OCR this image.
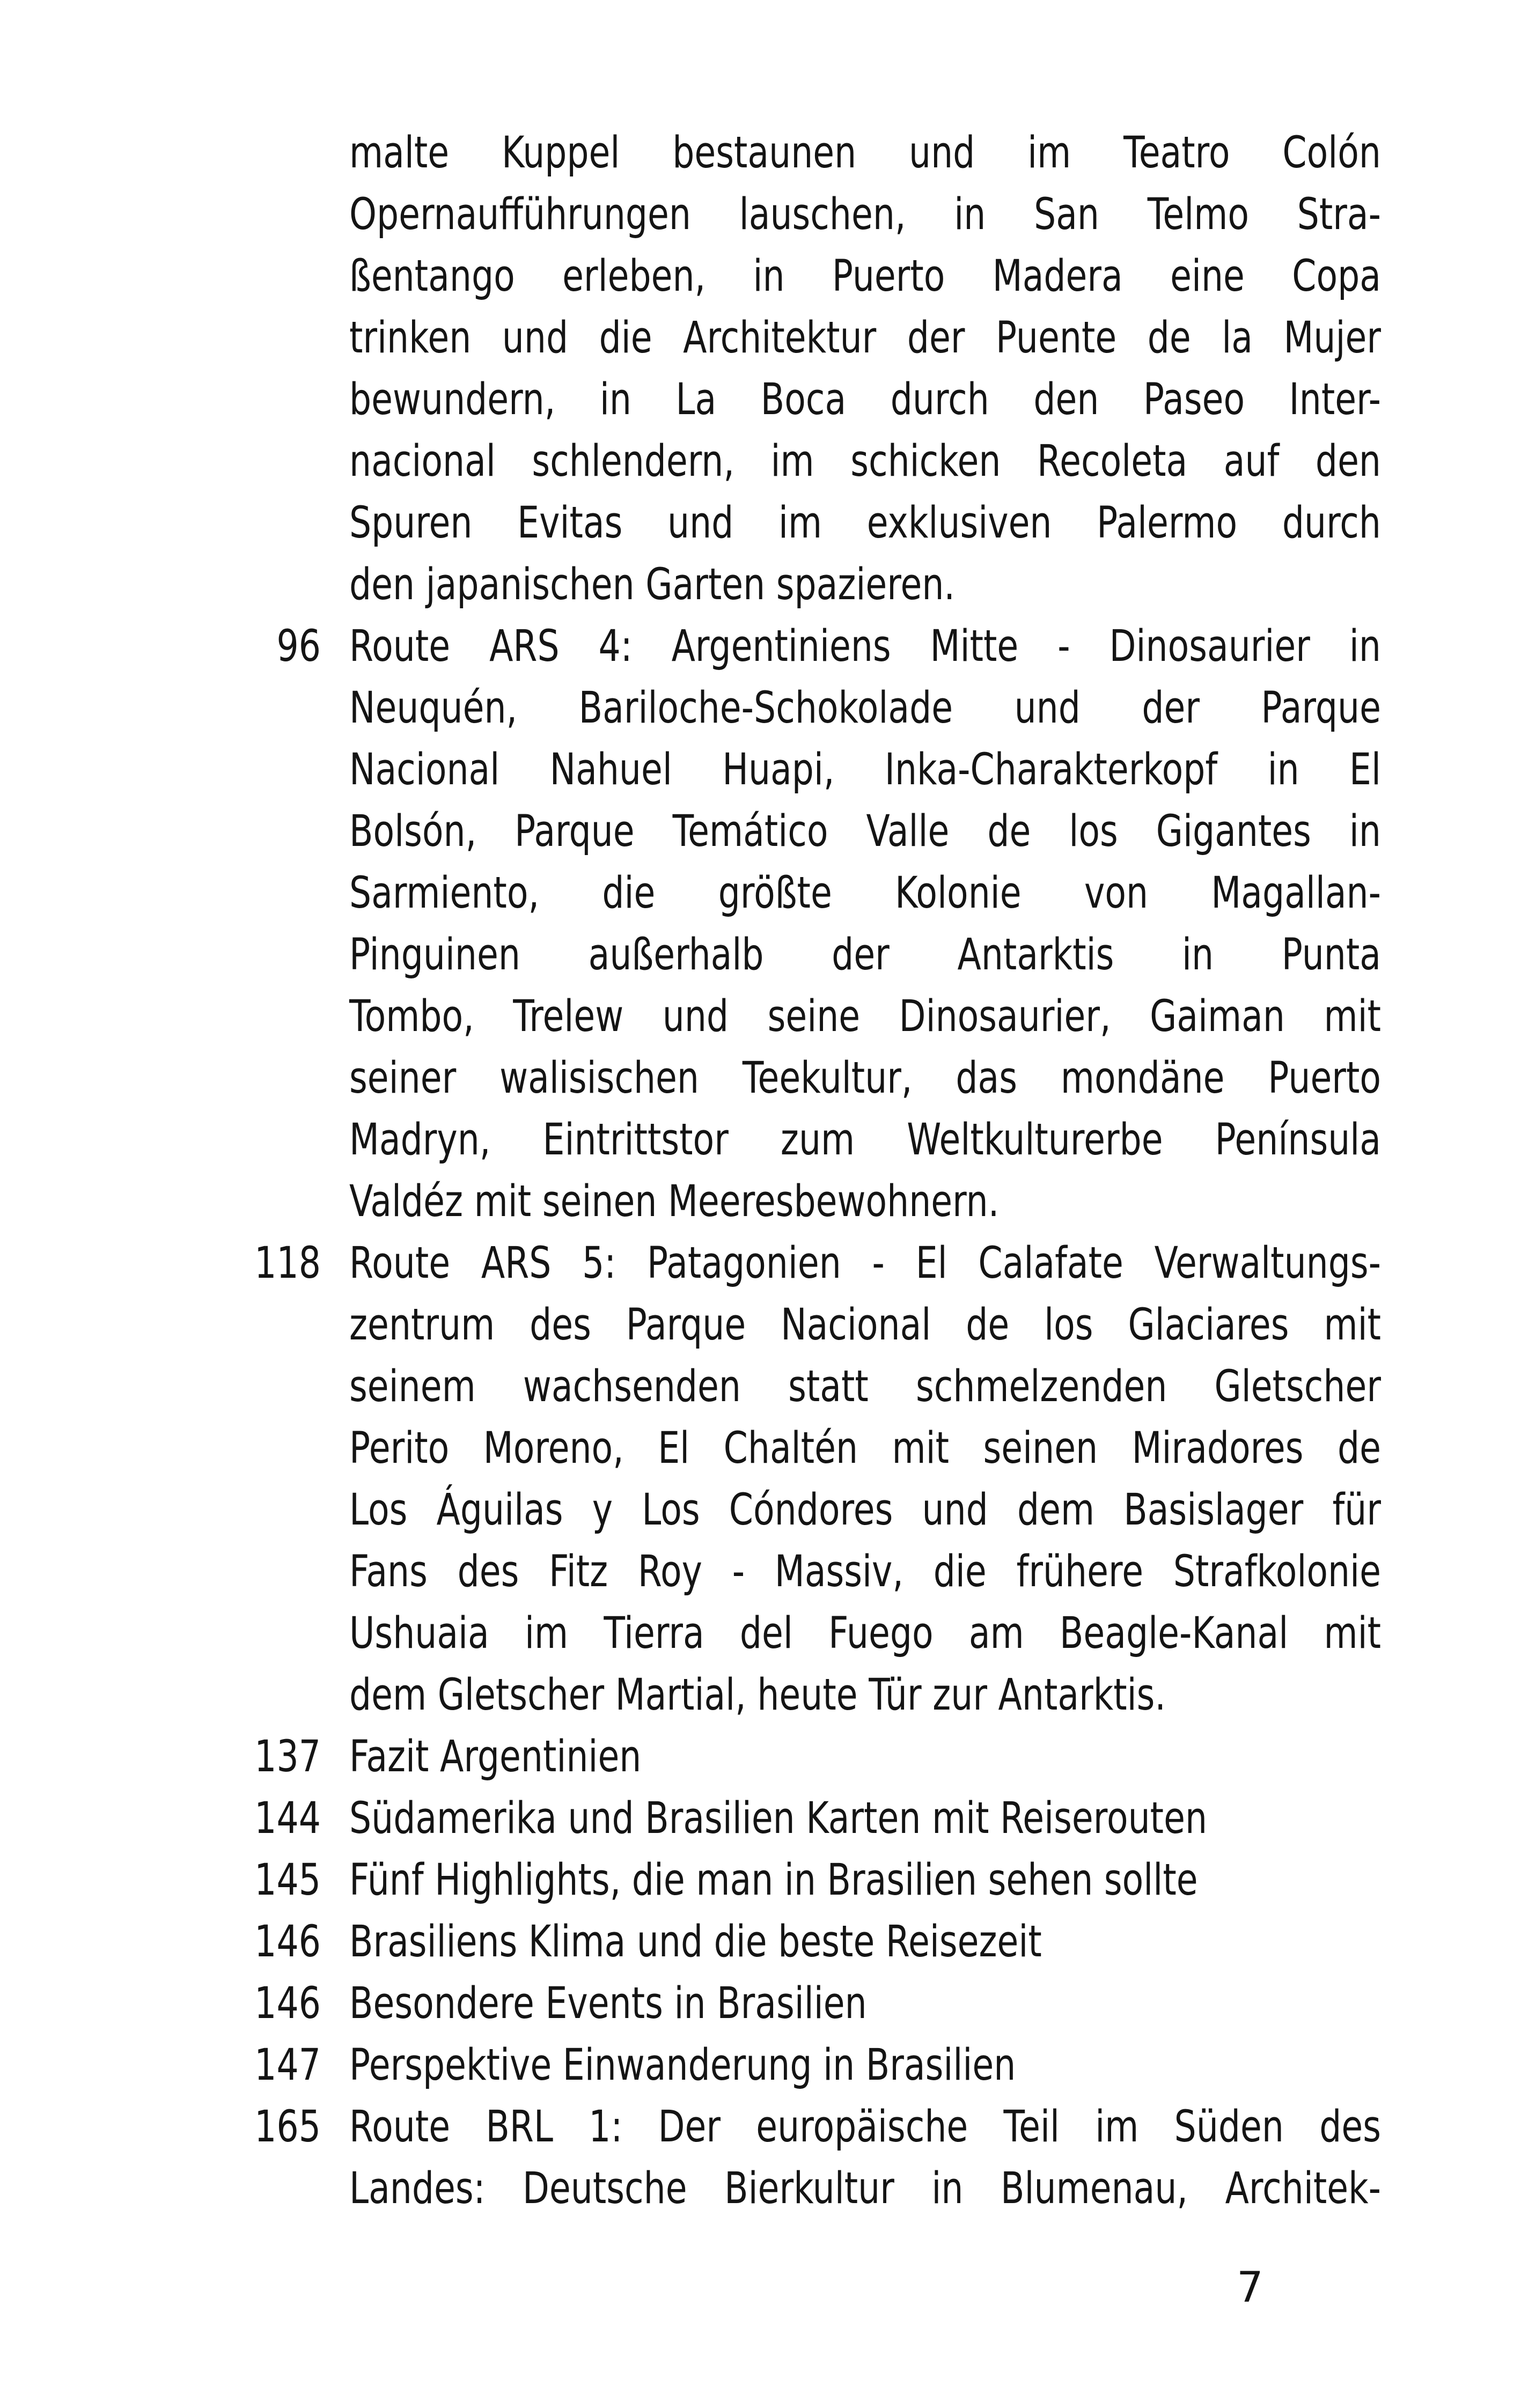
malte Kuppel bestaunen und im Teatro Colón
Opernaufführungen lauschen, in San Telmo Stra-
ßentango erleben, in Puerto Madera eine Copa
trinken und die Architektur der Puente de la Mujer
bewundern, in La Boca durch den Paseo Inter-
nacional schlendern, im schicken Recoleta auf den
Spuren Evitas und im exklusiven Palermo durch
den japanischen Garten spazieren.
96 Route ARS 4: Argentiniens Mitte - Dinosaurier in
Neuquén, Bariloche-Schokolade und der Parque
Nacional Nahuel Huapi, Inka-Charakterkopf in El
Bolsón, Parque Temático Valle de los Gigantes in
Sarmiento, die größte Kolonie von Magallan-
Pinguinen außerhalb der Antarktis in Punta
Tombo, Trelew und seine Dinosaurier, Gaiman mit
seiner walisischen Teekultur, das mondäne Puerto
Madryn, Eintrittstor zum Weltkulturerbe Península
Valdéz mit seinen Meeresbewohnern.
118 Route ARS 5: Patagonien - El Calafate Verwaltungs-
zentrum des Parque Nacional de los Glaciares mit
seinem wachsenden statt schmelzenden Gletscher
Perito Moreno, El Chaltén mit seinen Miradores de
Los Águilas y Los Cóndores und dem Basislager für
Fans des Fitz Roy - Massiv, die frühere Strafkolonie
Ushuaia im Tierra del Fuego am Beagle-Kanal mit
dem Gletscher Martial, heute Tür zur Antarktis.
137 Fazit Argentinien
144 Südamerika und Brasilien Karten mit Reiserouten
145 Fünf Highlights, die man in Brasilien sehen sollte
146 Brasiliens Klima und die beste Reisezeit
146 Besondere Events in Brasilien
147 Perspektive Einwanderung in Brasilien
165 Route BRL 1: Der europäische Teil im Süden des
Landes: Deutsche Bierkultur in Blumenau, Architek-
7
